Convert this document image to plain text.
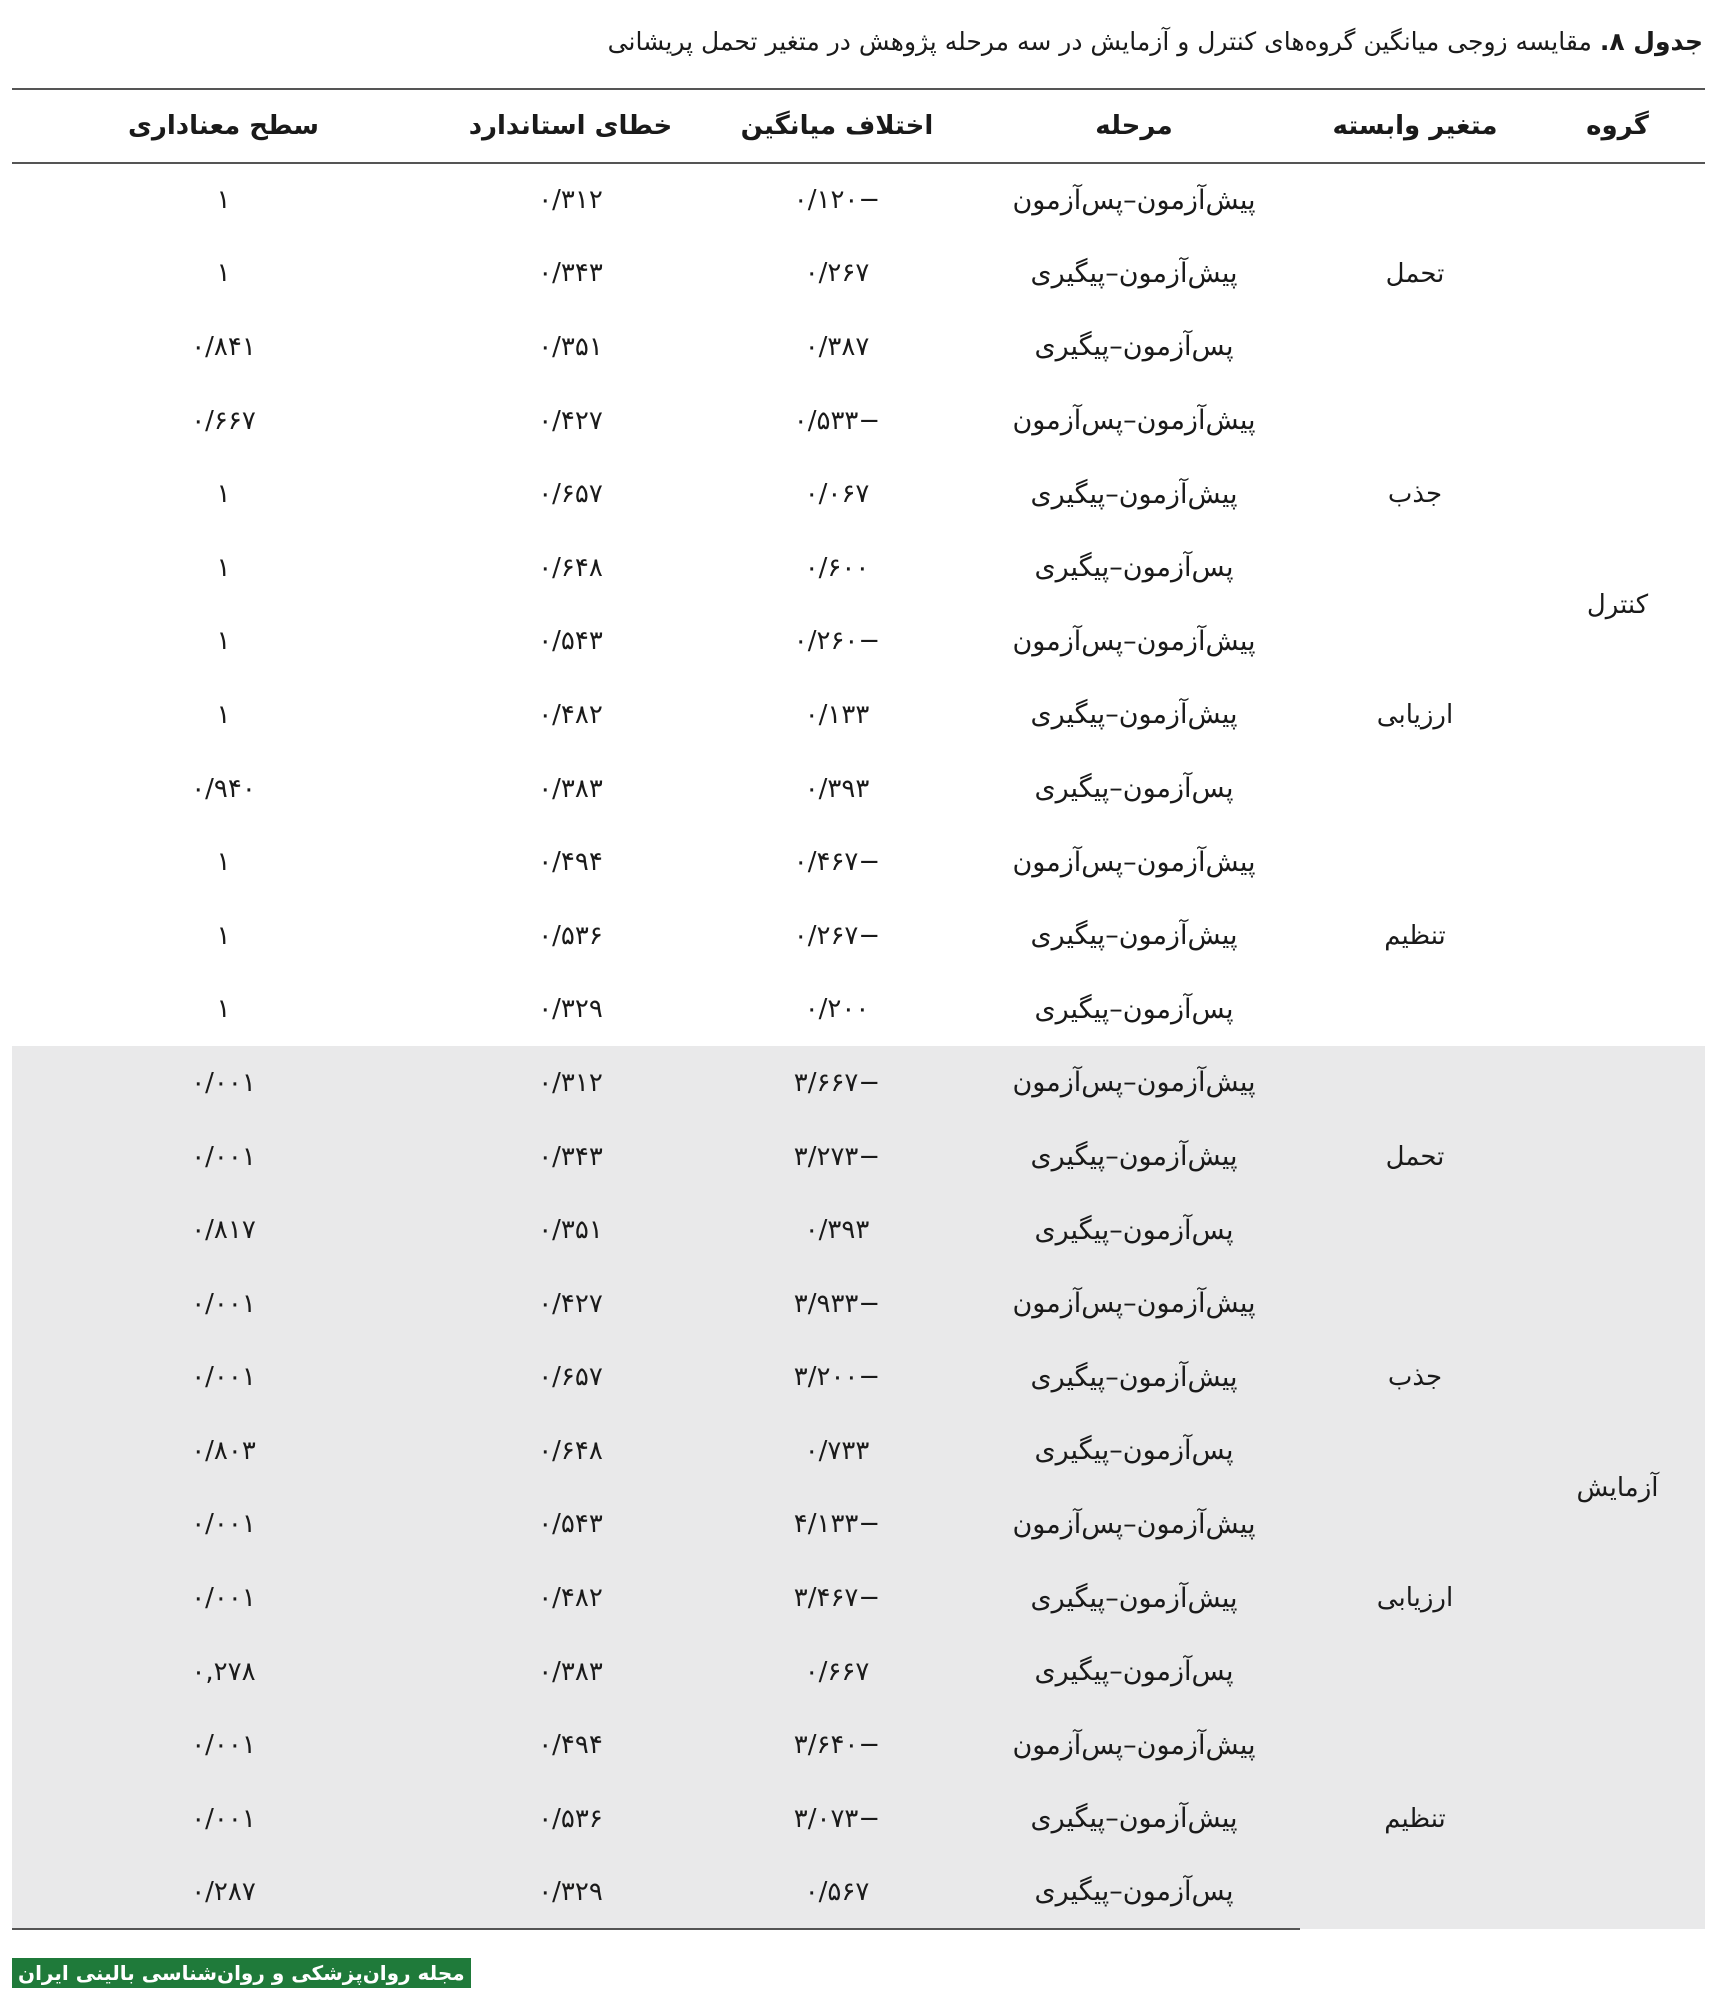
جدول ۸. مقایسه زوجی میانگین گروه‌های کنترل و آزمایش در سه مرحله پژوهش در متغیر تحمل پریشانی
گروه	متغیر وابسته	مرحله	اختلاف میانگین	خطای استاندارد	سطح معناداری
کنترل	تحمل	پیش‌آزمون–پس‌آزمون	−۰/۱۲۰	۰/۳۱۲	۱
		پیش‌آزمون–پیگیری	۰/۲۶۷	۰/۳۴۳	۱
		پس‌آزمون–پیگیری	۰/۳۸۷	۰/۳۵۱	۰/۸۴۱
	جذب	پیش‌آزمون–پس‌آزمون	−۰/۵۳۳	۰/۴۲۷	۰/۶۶۷
		پیش‌آزمون–پیگیری	۰/۰۶۷	۰/۶۵۷	۱
		پس‌آزمون–پیگیری	۰/۶۰۰	۰/۶۴۸	۱
	ارزیابی	پیش‌آزمون–پس‌آزمون	−۰/۲۶۰	۰/۵۴۳	۱
		پیش‌آزمون–پیگیری	۰/۱۳۳	۰/۴۸۲	۱
		پس‌آزمون–پیگیری	۰/۳۹۳	۰/۳۸۳	۰/۹۴۰
	تنظیم	پیش‌آزمون–پس‌آزمون	−۰/۴۶۷	۰/۴۹۴	۱
		پیش‌آزمون–پیگیری	−۰/۲۶۷	۰/۵۳۶	۱
		پس‌آزمون–پیگیری	۰/۲۰۰	۰/۳۲۹	۱
آزمایش	تحمل	پیش‌آزمون–پس‌آزمون	−۳/۶۶۷	۰/۳۱۲	۰/۰۰۱
		پیش‌آزمون–پیگیری	−۳/۲۷۳	۰/۳۴۳	۰/۰۰۱
		پس‌آزمون–پیگیری	۰/۳۹۳	۰/۳۵۱	۰/۸۱۷
	جذب	پیش‌آزمون–پس‌آزمون	−۳/۹۳۳	۰/۴۲۷	۰/۰۰۱
		پیش‌آزمون–پیگیری	−۳/۲۰۰	۰/۶۵۷	۰/۰۰۱
		پس‌آزمون–پیگیری	۰/۷۳۳	۰/۶۴۸	۰/۸۰۳
	ارزیابی	پیش‌آزمون–پس‌آزمون	−۴/۱۳۳	۰/۵۴۳	۰/۰۰۱
		پیش‌آزمون–پیگیری	−۳/۴۶۷	۰/۴۸۲	۰/۰۰۱
		پس‌آزمون–پیگیری	۰/۶۶۷	۰/۳۸۳	۰,۲۷۸
	تنظیم	پیش‌آزمون–پس‌آزمون	−۳/۶۴۰	۰/۴۹۴	۰/۰۰۱
		پیش‌آزمون–پیگیری	−۳/۰۷۳	۰/۵۳۶	۰/۰۰۱
		پس‌آزمون–پیگیری	۰/۵۶۷	۰/۳۲۹	۰/۲۸۷
مجله روان‌پزشکی و روان‌شناسی بالینی ایران
